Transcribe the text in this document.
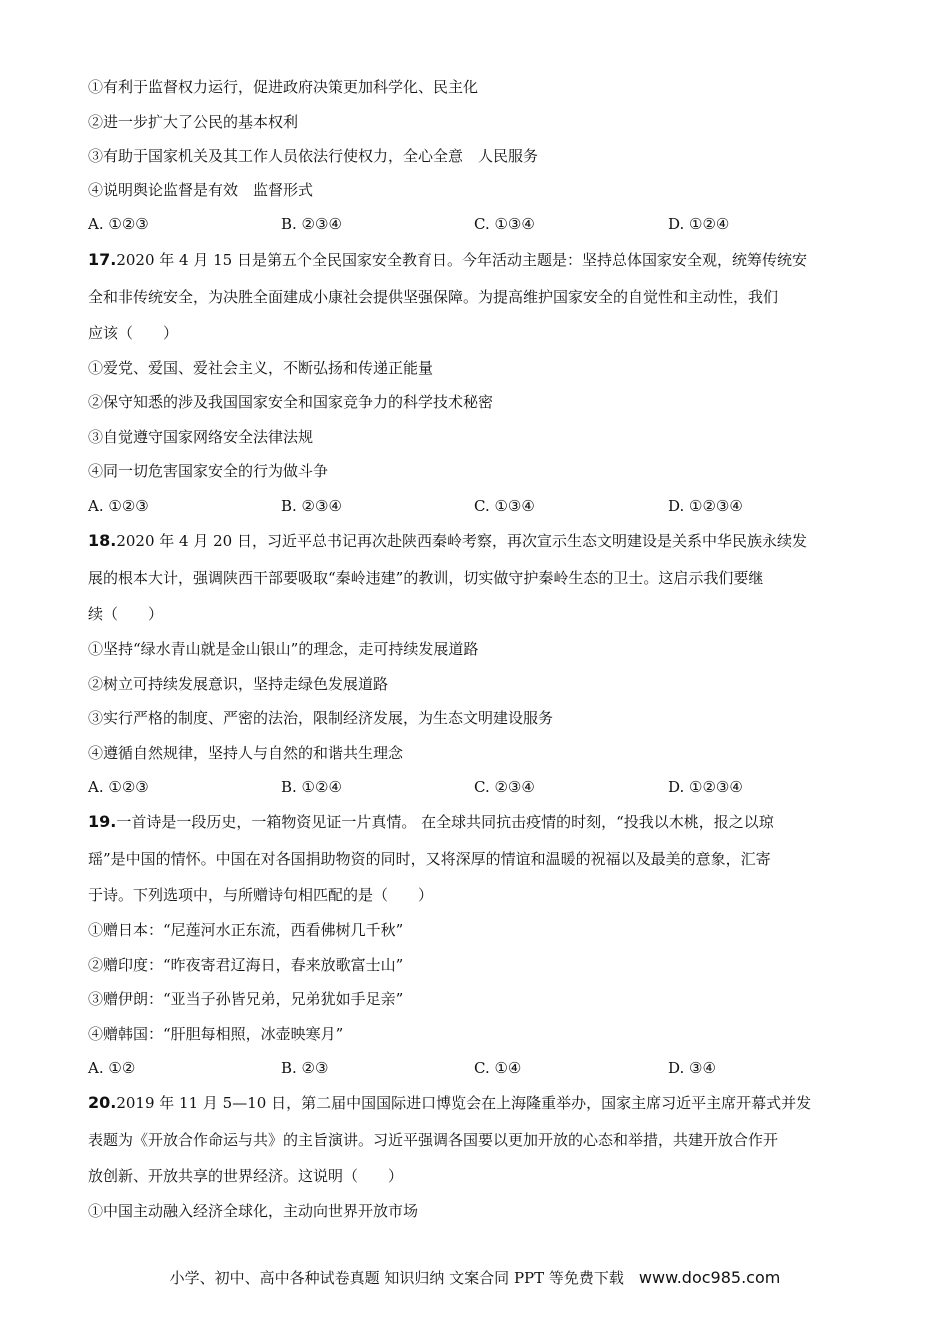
①有利于监督权力运行，促进政府决策更加科学化、民主化
②进一步扩大了公民的基本权利
③有助于国家机关及其工作人员依法行使权力，全心全意　人民服务
④说明舆论监督是有效　监督形式
A. ①②③	B. ②③④	C. ①③④	D. ①②④
17.2020 年 4 月 15 日是第五个全民国家安全教育日。今年活动主题是：坚持总体国家安全观，统筹传统安
全和非传统安全，为决胜全面建成小康社会提供坚强保障。为提高维护国家安全的自觉性和主动性，我们
应该（　　）
①爱党、爱国、爱社会主义，不断弘扬和传递正能量
②保守知悉的涉及我国国家安全和国家竞争力的科学技术秘密
③自觉遵守国家网络安全法律法规
④同一切危害国家安全的行为做斗争
A. ①②③	B. ②③④	C. ①③④	D. ①②③④
18.2020 年 4 月 20 日，习近平总书记再次赴陕西秦岭考察，再次宣示生态文明建设是关系中华民族永续发
展的根本大计，强调陕西干部要吸取“秦岭违建”的教训，切实做守护秦岭生态的卫士。这启示我们要继
续（　　）
①坚持“绿水青山就是金山银山”的理念，走可持续发展道路
②树立可持续发展意识，坚持走绿色发展道路
③实行严格的制度、严密的法治，限制经济发展，为生态文明建设服务
④遵循自然规律，坚持人与自然的和谐共生理念
A. ①②③	B. ①②④	C. ②③④	D. ①②③④
19.一首诗是一段历史，一箱物资见证一片真情。 在全球共同抗击疫情的时刻，“投我以木桃，报之以琼
瑶”是中国的情怀。中国在对各国捐助物资的同时，又将深厚的情谊和温暖的祝福以及最美的意象，汇寄
于诗。下列选项中，与所赠诗句相匹配的是（　　）
①赠日本：“尼莲河水正东流，西看佛树几千秋”
②赠印度：“昨夜寄君辽海日，春来放歌富士山”
③赠伊朗：“亚当子孙皆兄弟，兄弟犹如手足亲”
④赠韩国：“肝胆每相照，冰壶映寒月”
A. ①②	B. ②③	C. ①④	D. ③④
20.2019 年 11 月 5—10 日，第二届中国国际进口博览会在上海隆重举办，国家主席习近平主席开幕式并发
表题为《开放合作命运与共》的主旨演讲。习近平强调各国要以更加开放的心态和举措，共建开放合作开
放创新、开放共享的世界经济。这说明（　　）
①中国主动融入经济全球化，主动向世界开放市场
小学、初中、高中各种试卷真题 知识归纳 文案合同 PPT 等免费下载　www.doc985.com
